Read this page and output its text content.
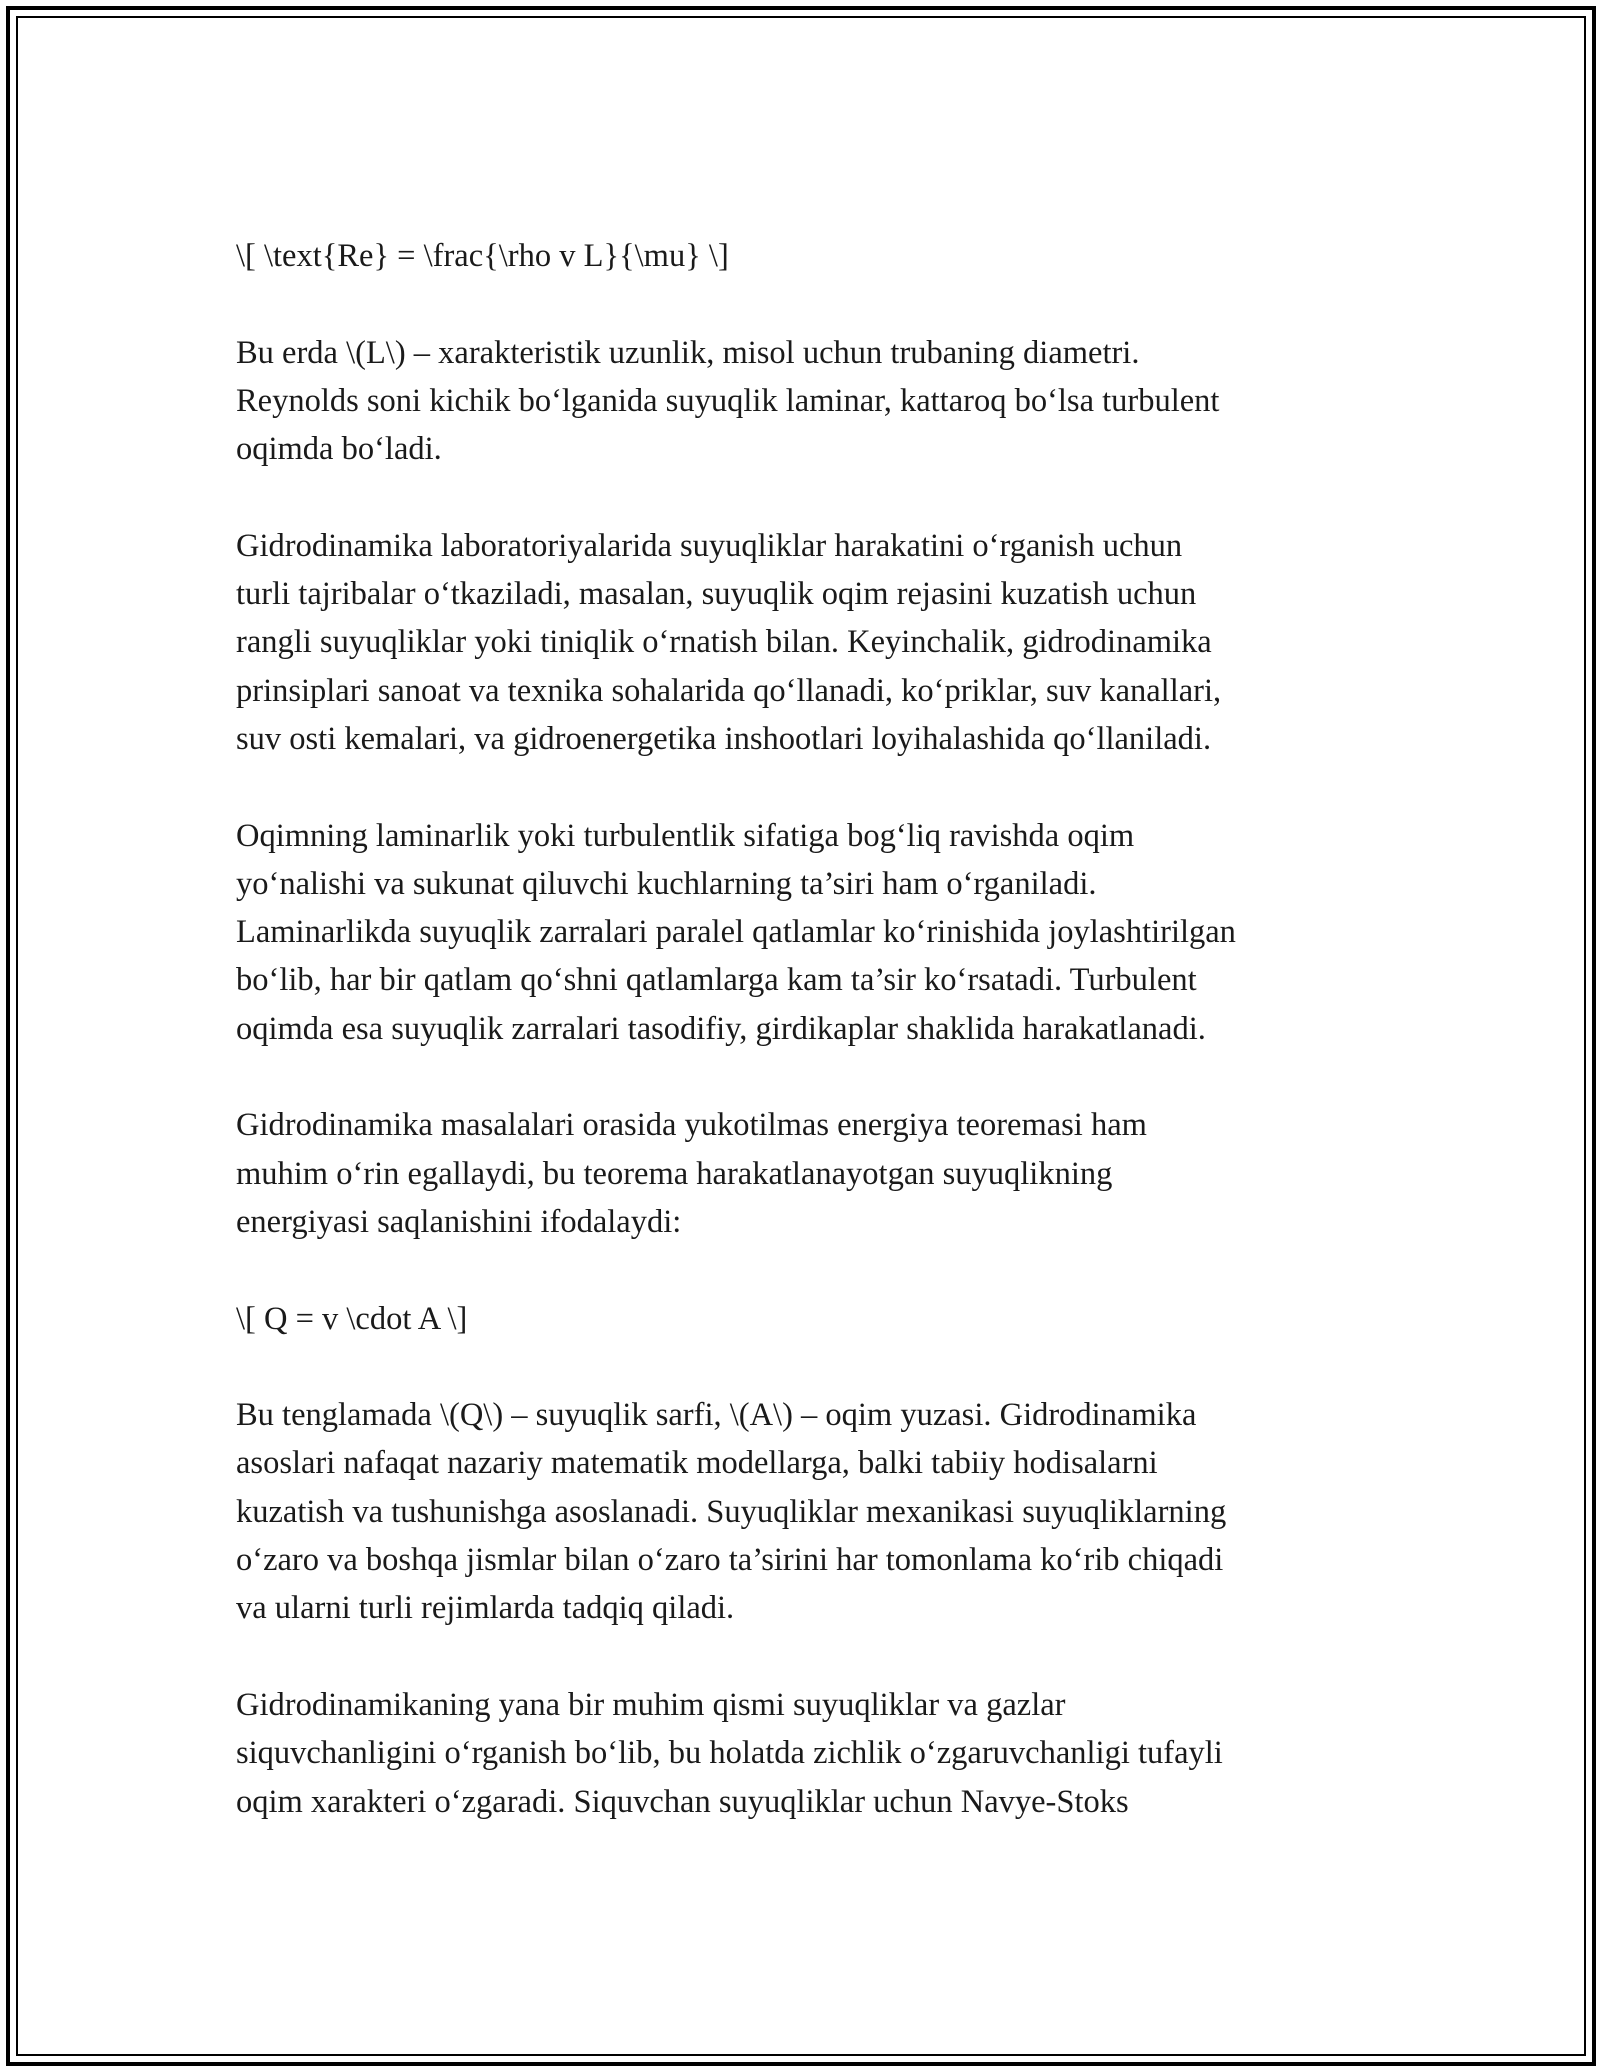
\[ \text{Re} = \frac{\rho v L}{\mu} \]

Bu erda \(L\) – xarakteristik uzunlik, misol uchun trubaning diametri.
Reynolds soni kichik bo‘lganida suyuqlik laminar, kattaroq bo‘lsa turbulent
oqimda bo‘ladi.

Gidrodinamika laboratoriyalarida suyuqliklar harakatini o‘rganish uchun
turli tajribalar o‘tkaziladi, masalan, suyuqlik oqim rejasini kuzatish uchun
rangli suyuqliklar yoki tiniqlik o‘rnatish bilan. Keyinchalik, gidrodinamika
prinsiplari sanoat va texnika sohalarida qo‘llanadi, ko‘priklar, suv kanallari,
suv osti kemalari, va gidroenergetika inshootlari loyihalashida qo‘llaniladi.

Oqimning laminarlik yoki turbulentlik sifatiga bog‘liq ravishda oqim
yo‘nalishi va sukunat qiluvchi kuchlarning ta’siri ham o‘rganiladi.
Laminarlikda suyuqlik zarralari paralel qatlamlar ko‘rinishida joylashtirilgan
bo‘lib, har bir qatlam qo‘shni qatlamlarga kam ta’sir ko‘rsatadi. Turbulent
oqimda esa suyuqlik zarralari tasodifiy, girdikaplar shaklida harakatlanadi.

Gidrodinamika masalalari orasida yukotilmas energiya teoremasi ham
muhim o‘rin egallaydi, bu teorema harakatlanayotgan suyuqlikning
energiyasi saqlanishini ifodalaydi:

\[ Q = v \cdot A \]

Bu tenglamada \(Q\) – suyuqlik sarfi, \(A\) – oqim yuzasi. Gidrodinamika
asoslari nafaqat nazariy matematik modellarga, balki tabiiy hodisalarni
kuzatish va tushunishga asoslanadi. Suyuqliklar mexanikasi suyuqliklarning
o‘zaro va boshqa jismlar bilan o‘zaro ta’sirini har tomonlama ko‘rib chiqadi
va ularni turli rejimlarda tadqiq qiladi.

Gidrodinamikaning yana bir muhim qismi suyuqliklar va gazlar
siquvchanligini o‘rganish bo‘lib, bu holatda zichlik o‘zgaruvchanligi tufayli
oqim xarakteri o‘zgaradi. Siquvchan suyuqliklar uchun Navye-Stoks
